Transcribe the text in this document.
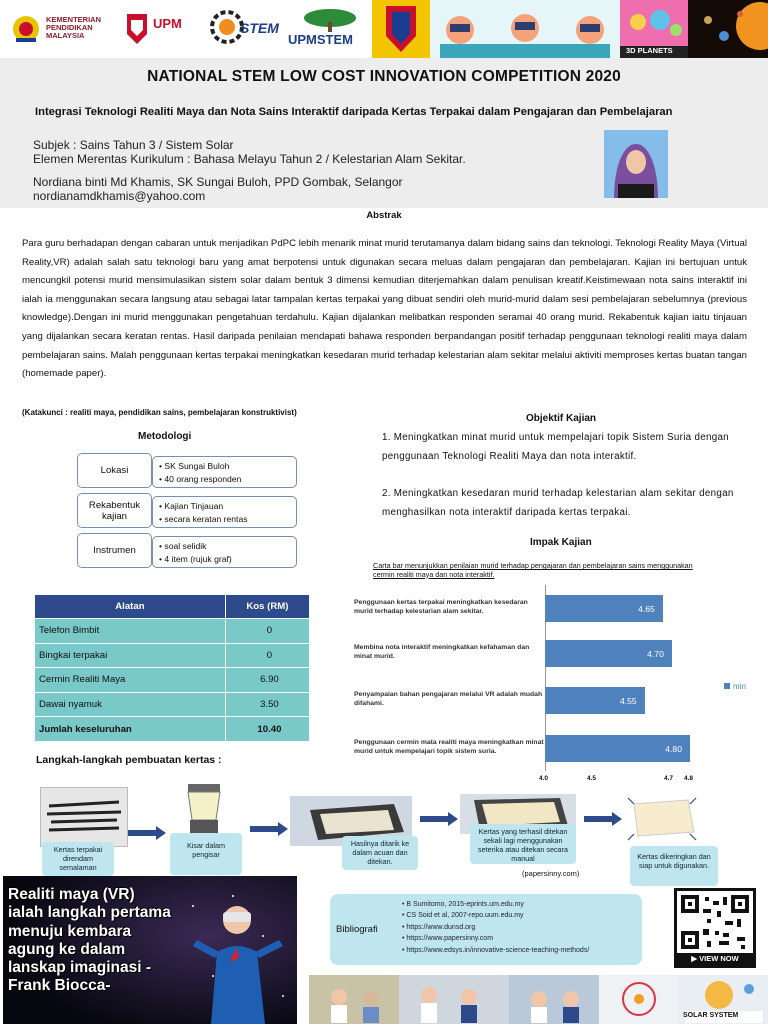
KEMENTERIAN PENDIDIKAN MALAYSIA
UPM	STEM
UPMSTEM
3D PLANETS
NATIONAL STEM LOW COST INNOVATION COMPETITION 2020
Integrasi Teknologi Realiti Maya dan Nota Sains Interaktif daripada Kertas Terpakai dalam Pengajaran dan Pembelajaran
Subjek : Sains Tahun 3 / Sistem Solar
Elemen Merentas Kurikulum : Bahasa Melayu Tahun 2 / Kelestarian Alam Sekitar.
Nordiana binti Md Khamis, SK Sungai Buloh, PPD Gombak, Selangor
nordianamdkhamis@yahoo.com
Abstrak
Para guru berhadapan dengan cabaran untuk menjadikan PdPC lebih menarik minat murid terutamanya dalam bidang sains dan teknologi. Teknologi Reality Maya (Virtual Reality,VR) adalah salah satu teknologi baru yang amat berpotensi untuk digunakan secara meluas dalam pengajaran dan pembelajaran. Kajian ini bertujuan untuk mencungkil potensi murid mensimulasikan sistem solar dalam bentuk 3 dimensi kemudian diterjemahkan dalam penulisan kreatif.Keistimewaan nota sains interaktif ini ialah ia menggunakan secara langsung atau sebagai latar tampalan kertas terpakai yang dibuat sendiri oleh murid-murid dalam sesi pembelajaran sebelumnya (previous knowledge).Dengan ini murid menggunakan pengetahuan terdahulu. Kajian dijalankan melibatkan responden seramai 40 orang murid. Rekabentuk kajian iaitu tinjauan yang dijalankan secara keratan rentas. Hasil daripada penilaian mendapati bahawa responden berpandangan positif terhadap penggunaan teknologi realiti maya dalam pembelajaran sains. Malah penggunaan kertas terpakai meningkatkan kesedaran murid terhadap kelestarian alam sekitar melalui aktiviti memproses kertas buatan tangan (homemade paper).
(Katakunci : realiti maya, pendidikan sains, pembelajaran konstruktivist)
Metodologi
Lokasi	• SK Sungai Buloh
• 40 orang responden
Rekabentuk kajian
• Kajian Tinjauan
• secara keratan rentas
Instrumen	• soal selidik
• 4 item (rujuk graf)
Alatan	Kos (RM)
Telefon Bimbit	0
Bingkai terpakai	0
Cermin Realiti Maya	6.90
Dawai nyamuk	3.50
Jumlah keseluruhan	10.40
Objektif Kajian
1. Meningkatkan minat murid untuk mempelajari topik Sistem Suria dengan penggunaan Teknologi Realiti Maya dan nota interaktif.
2. Meningkatkan kesedaran murid terhadap kelestarian alam sekitar dengan menghasilkan nota interaktif daripada kertas terpakai.
Impak Kajian
Carta bar menunjukkan penilaian murid terhadap pengajaran dan pembelajaran sains menggunakan cermin realiti maya dan nota interaktif.
min
Penggunaan kertas terpakai meningkatkan kesedaran murid terhadap kelestarian alam sekitar.	4.65
Membina nota interaktif meningkatkan kefahaman dan minat murid.	4.70
Penyampaian bahan pengajaran melalui VR adalah mudah difahami.	4.55
Penggunaan cermin mata realiti maya meningkatkan minat murid untuk mempelajari topik sistem suria.	4.80
4.0	4.5	4.7 4.8
Langkah-langkah pembuatan kertas :
Kertas terpakai direndam semalaman
Kisar dalam pengisar
Hasilnya ditarik ke dalam acuan dan ditekan.
Kertas yang terhasil ditekan sekali lagi menggunakan seterika atau ditekan secara manual
(papersinny.com)
Kertas dikeringkan dan siap untuk digunakan.
Realiti maya (VR) ialah langkah pertama menuju kembara agung ke dalam lanskap imaginasi - Frank Biocca-
Bibliografi
• B Sumitomo, 2015-eprints.um.edu.my
• CS Soid et al, 2007-repo.uum.edu.my
• https://www.dunsd.org
• https://www.papersinny.com
• https://www.edsys.in/innovative-science-teaching-methods/
▶ VIEW NOW
SOLAR SYSTEM
